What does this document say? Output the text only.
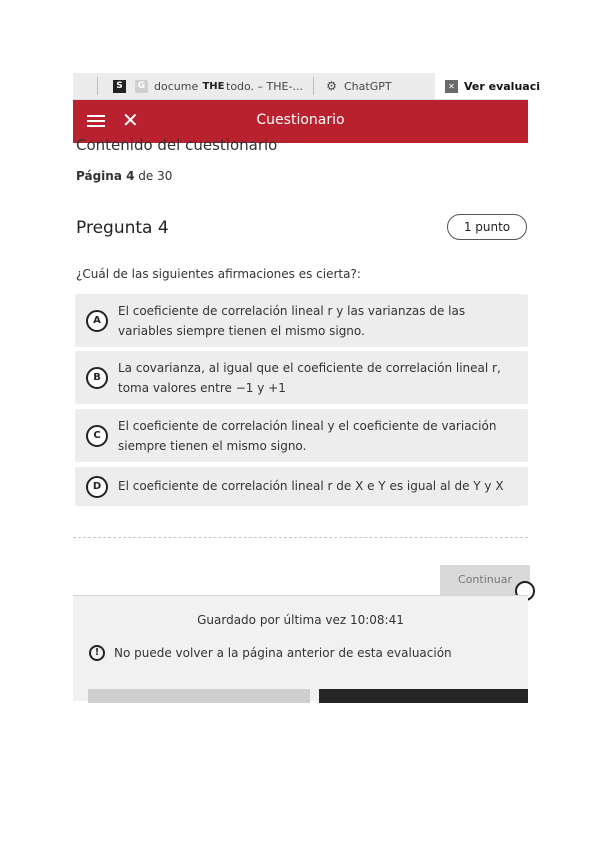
S	G docume THE todo. – THE-... ⚙ ChatGPT	✕ Ver evaluaci
✕	Cuestionario
Contenido del cuestionario
Página 4 de 30
Pregunta 4	1 punto
¿Cuál de las siguientes afirmaciones es cierta?:
A
El coeficiente de correlación lineal r y las varianzas de las variables siempre tienen el mismo signo.
B
La covarianza, al igual que el coeficiente de correlación lineal r, toma valores entre −1 y +1
C
El coeficiente de correlación lineal y el coeficiente de variación siempre tienen el mismo signo.
D	El coeficiente de correlación lineal r de X e Y es igual al de Y y X
Continuar
Guardado por última vez 10:08:41
!	No puede volver a la página anterior de esta evaluación
